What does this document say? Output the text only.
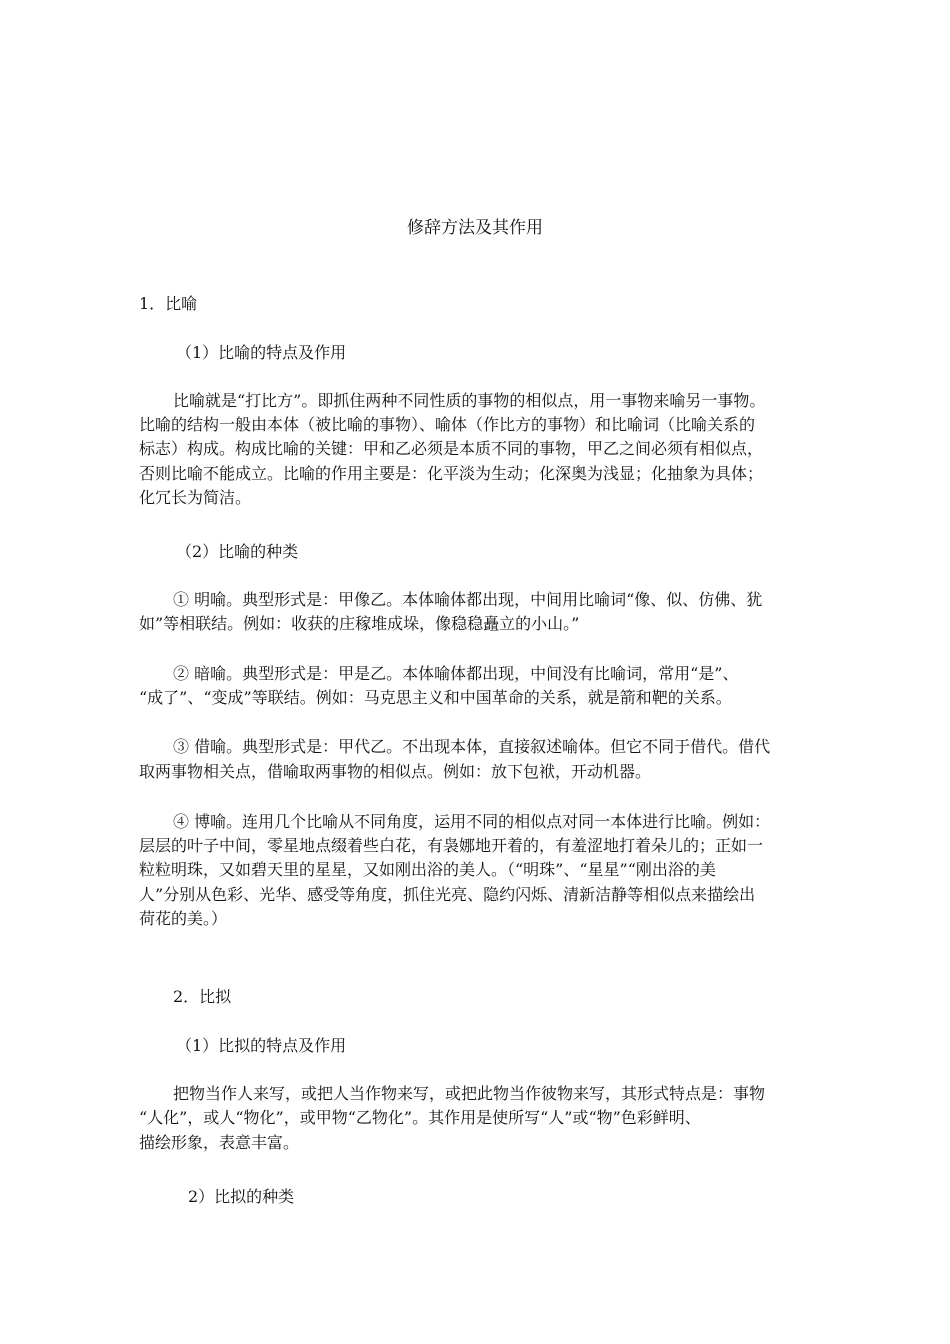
修辞方法及其作用
1．比喻
（1）比喻的特点及作用
比喻就是“打比方”。即抓住两种不同性质的事物的相似点，用一事物来喻另一事物。
比喻的结构一般由本体（被比喻的事物）、喻体（作比方的事物）和比喻词（比喻关系的
标志）构成。构成比喻的关键：甲和乙必须是本质不同的事物，甲乙之间必须有相似点，
否则比喻不能成立。比喻的作用主要是：化平淡为生动；化深奥为浅显；化抽象为具体；
化冗长为简洁。
（2）比喻的种类
① 明喻。典型形式是：甲像乙。本体喻体都出现，中间用比喻词“像、似、仿佛、犹
如”等相联结。例如：收获的庄稼堆成垛，像稳稳矗立的小山。”
② 暗喻。典型形式是：甲是乙。本体喻体都出现，中间没有比喻词，常用“是”、
“成了”、“变成”等联结。例如：马克思主义和中国革命的关系，就是箭和靶的关系。
③ 借喻。典型形式是：甲代乙。不出现本体，直接叙述喻体。但它不同于借代。借代
取两事物相关点，借喻取两事物的相似点。例如：放下包袱，开动机器。
④ 博喻。连用几个比喻从不同角度，运用不同的相似点对同一本体进行比喻。例如：
层层的叶子中间，零星地点缀着些白花，有袅娜地开着的，有羞涩地打着朵儿的；正如一
粒粒明珠，又如碧天里的星星，又如刚出浴的美人。（“明珠”、“星星”“刚出浴的美
人”分别从色彩、光华、感受等角度，抓住光亮、隐约闪烁、清新洁静等相似点来描绘出
荷花的美。）
2．比拟
（1）比拟的特点及作用
把物当作人来写，或把人当作物来写，或把此物当作彼物来写，其形式特点是：事物
“人化”，或人“物化”，或甲物“乙物化”。其作用是使所写“人”或“物”色彩鲜明、
描绘形象，表意丰富。
2）比拟的种类
